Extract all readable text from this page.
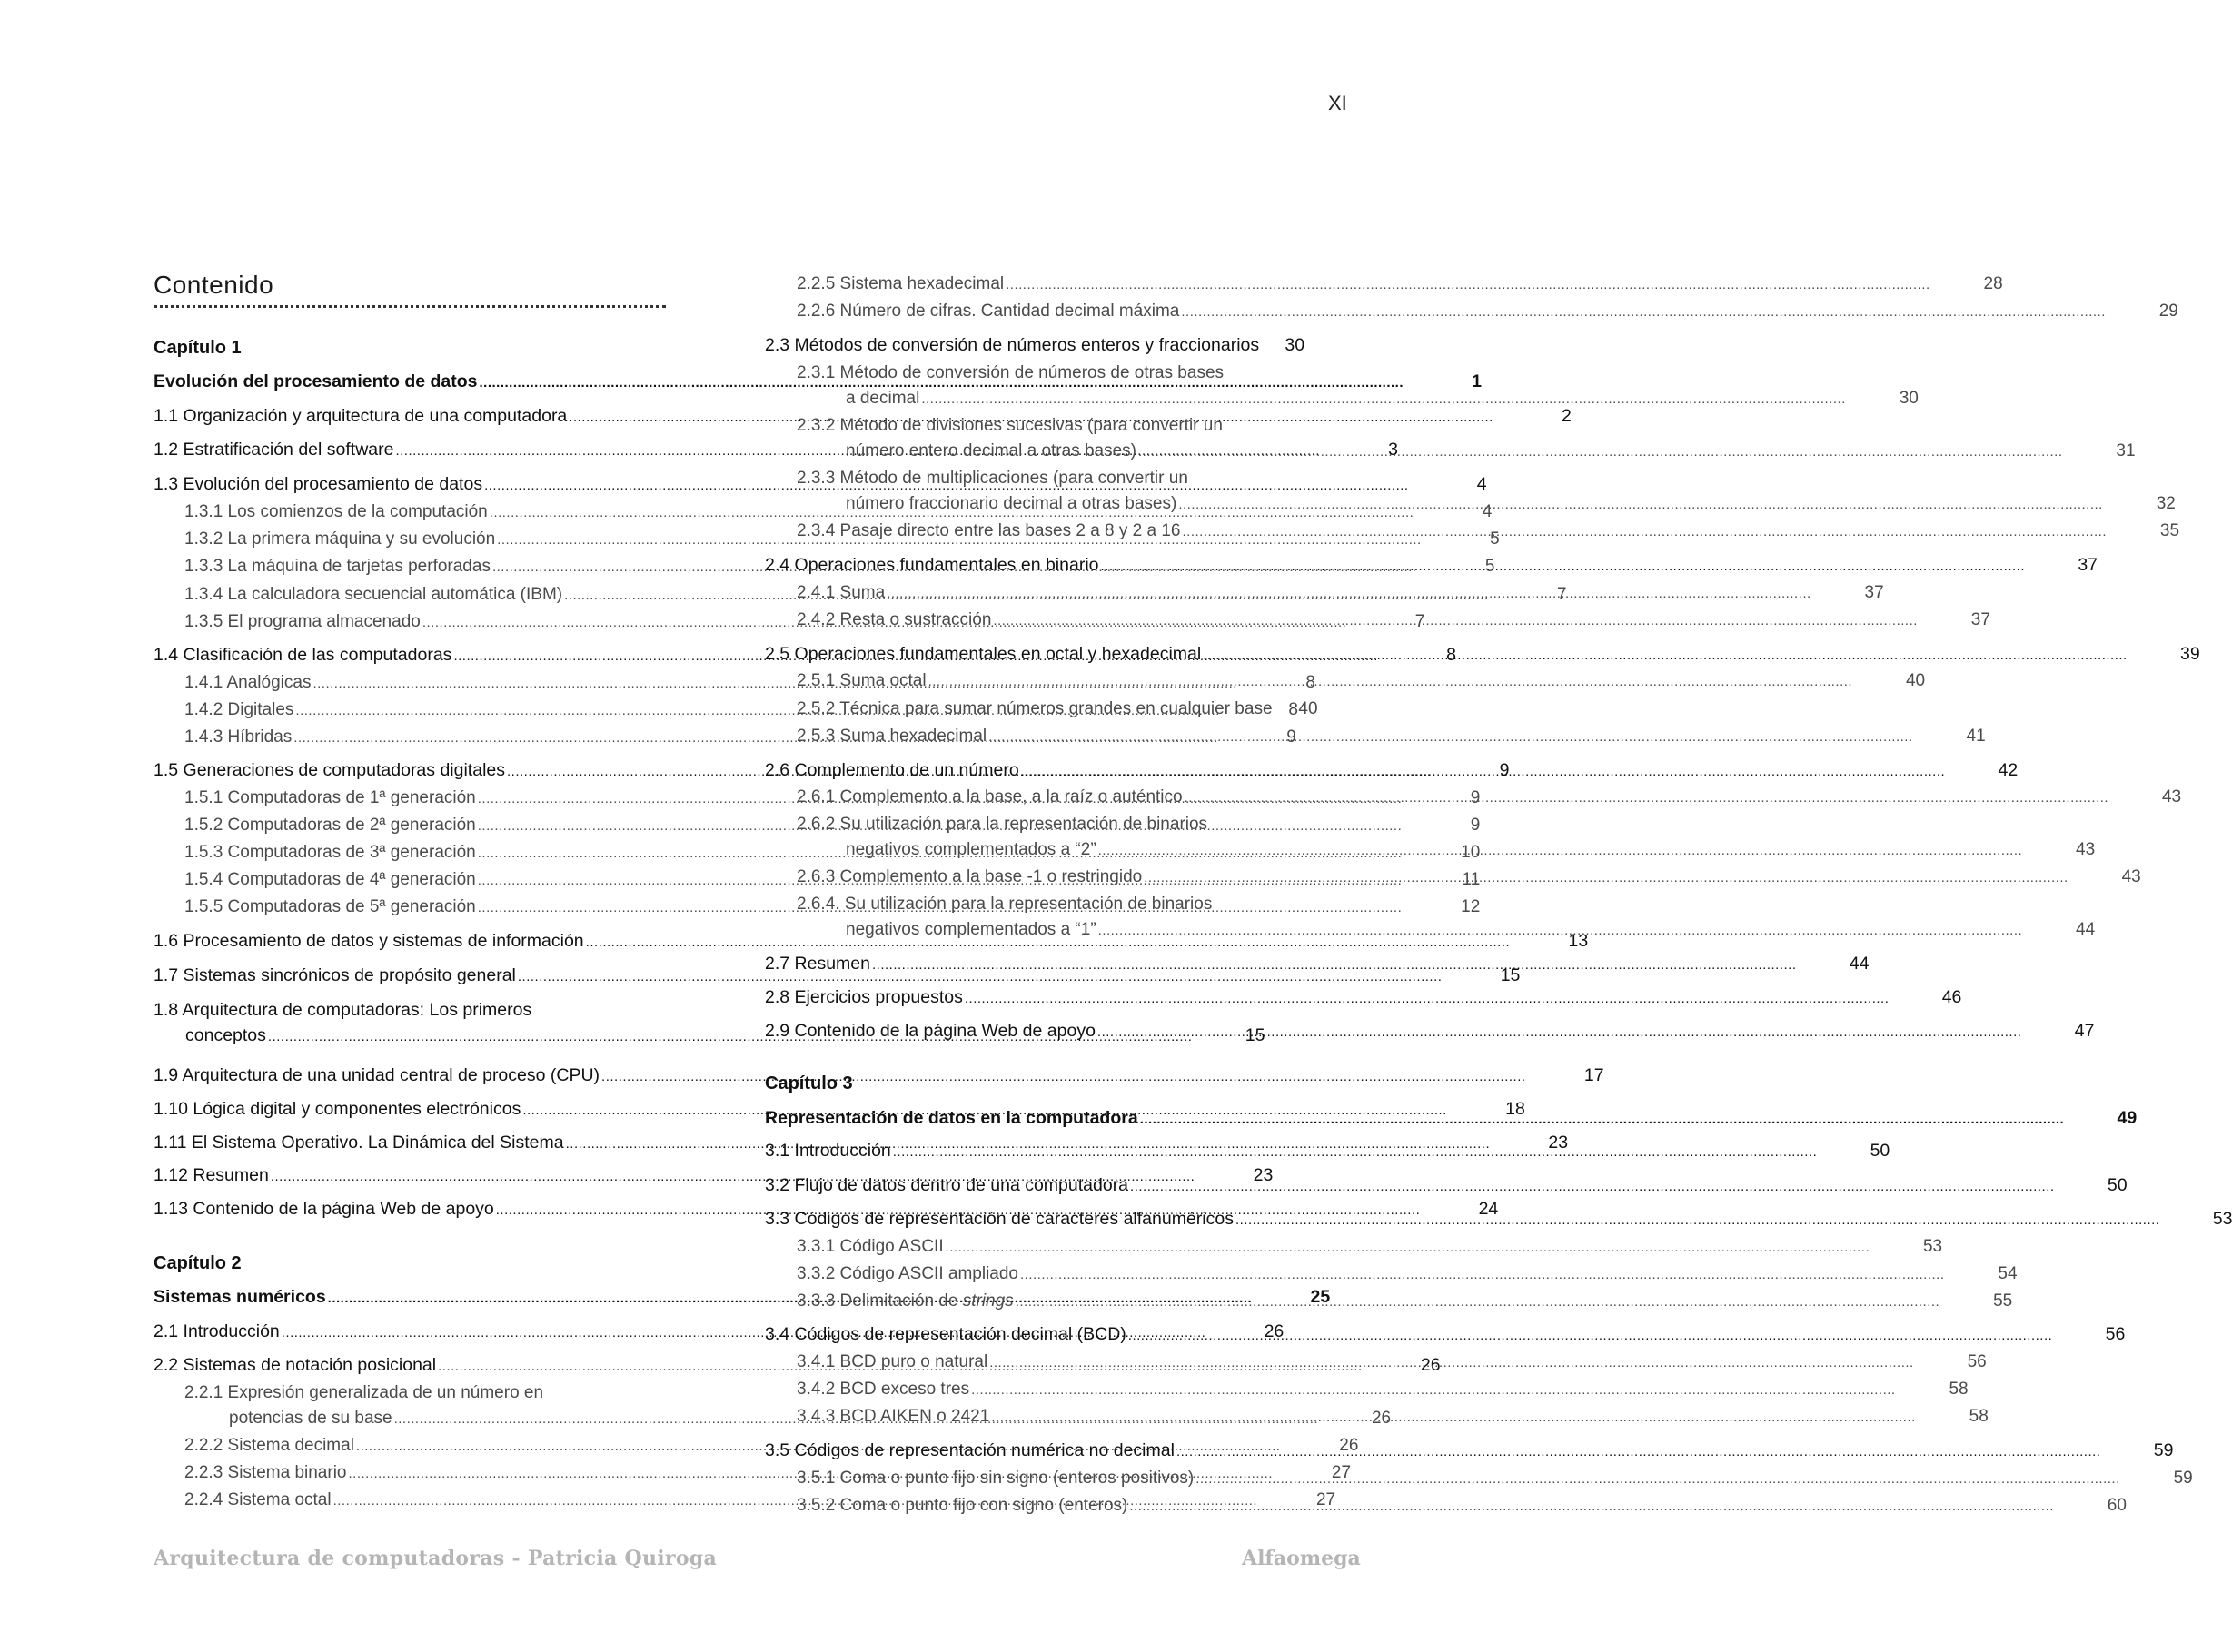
XI
Contenido
Capítulo 1
Evolución del procesamiento de datos .....	1
1.1 Organización y arquitectura de una computadora .....	2
1.2 Estratificación del software .....	3
1.3 Evolución del procesamiento de datos .....	4
1.3.1 Los comienzos de la computación .....	4
1.3.2 La primera máquina y su evolución .....	5
1.3.3 La máquina de tarjetas perforadas .....	5
1.3.4 La calculadora secuencial automática (IBM) .....	7
1.3.5 El programa almacenado .....	7
1.4 Clasificación de las computadoras .....	8
1.4.1 Analógicas .....	8
1.4.2 Digitales .....	8
1.4.3 Híbridas .....	9
1.5 Generaciones de computadoras digitales .....	9
1.5.1 Computadoras de 1ª generación .....	9
1.5.2 Computadoras de 2ª generación .....	9
1.5.3 Computadoras de 3ª generación .....	10
1.5.4 Computadoras de 4ª generación .....	11
1.5.5 Computadoras de 5ª generación .....	12
1.6 Procesamiento de datos y sistemas de información .....	13
1.7 Sistemas sincrónicos de propósito general .....	15
1.8 Arquitectura de computadoras: Los primeros
conceptos .....	15
1.9 Arquitectura de una unidad central de proceso (CPU) .....	17
1.10 Lógica digital y componentes electrónicos .....	18
1.11 El Sistema Operativo. La Dinámica del Sistema .....	23
1.12 Resumen .....	23
1.13 Contenido de la página Web de apoyo .....	24
Capítulo 2
Sistemas numéricos .....	25
2.1 Introducción .....	26
2.2 Sistemas de notación posicional .....	26
2.2.1 Expresión generalizada de un número en
potencias de su base .....	26
2.2.2 Sistema decimal .....	26
2.2.3 Sistema binario .....	27
2.2.4 Sistema octal .....	27
2.2.5 Sistema hexadecimal .....	28
2.2.6 Número de cifras. Cantidad decimal máxima .....	29
2.3 Métodos de conversión de números enteros y fraccionarios	30
2.3.1 Método de conversión de números de otras bases
a decimal .....	30
2.3.2 Método de divisiones sucesivas (para convertir un
número entero decimal a otras bases) .....	31
2.3.3 Método de multiplicaciones (para convertir un
número fraccionario decimal a otras bases) .....	32
2.3.4 Pasaje directo entre las bases 2 a 8 y 2 a 16 .....	35
2.4 Operaciones fundamentales en binario .....	37
2.4.1 Suma .....	37
2.4.2 Resta o sustracción .....	37
2.5 Operaciones fundamentales en octal y hexadecimal .....	39
2.5.1 Suma octal .....	40
2.5.2 Técnica para sumar números grandes en cualquier base	40
2.5.3 Suma hexadecimal .....	41
2.6 Complemento de un número .....	42
2.6.1 Complemento a la base, a la raíz o auténtico .....	43
2.6.2 Su utilización para la representación de binarios
negativos complementados a “2” .....	43
2.6.3 Complemento a la base -1 o restringido .....	43
2.6.4. Su utilización para la representación de binarios
negativos complementados a “1” .....	44
2.7 Resumen .....	44
2.8 Ejercicios propuestos .....	46
2.9 Contenido de la página Web de apoyo .....	47
Capítulo 3
Representación de datos en la computadora .....	49
3.1 Introducción .....	50
3.2 Flujo de datos dentro de una computadora .....	50
3.3 Códigos de representación de caracteres alfanuméricos .....	53
3.3.1 Código ASCII .....	53
3.3.2 Código ASCII ampliado .....	54
3.3.3 Delimitación de strings .....	55
3.4 Códigos de representación decimal (BCD) .....	56
3.4.1 BCD puro o natural .....	56
3.4.2 BCD exceso tres .....	58
3.4.3 BCD AIKEN o 2421 .....	58
3.5 Códigos de representación numérica no decimal .....	59
3.5.1 Coma o punto fijo sin signo (enteros positivos) .....	59
3.5.2 Coma o punto fijo con signo (enteros) .....	60
Arquitectura de computadoras - Patricia Quiroga	Alfaomega
